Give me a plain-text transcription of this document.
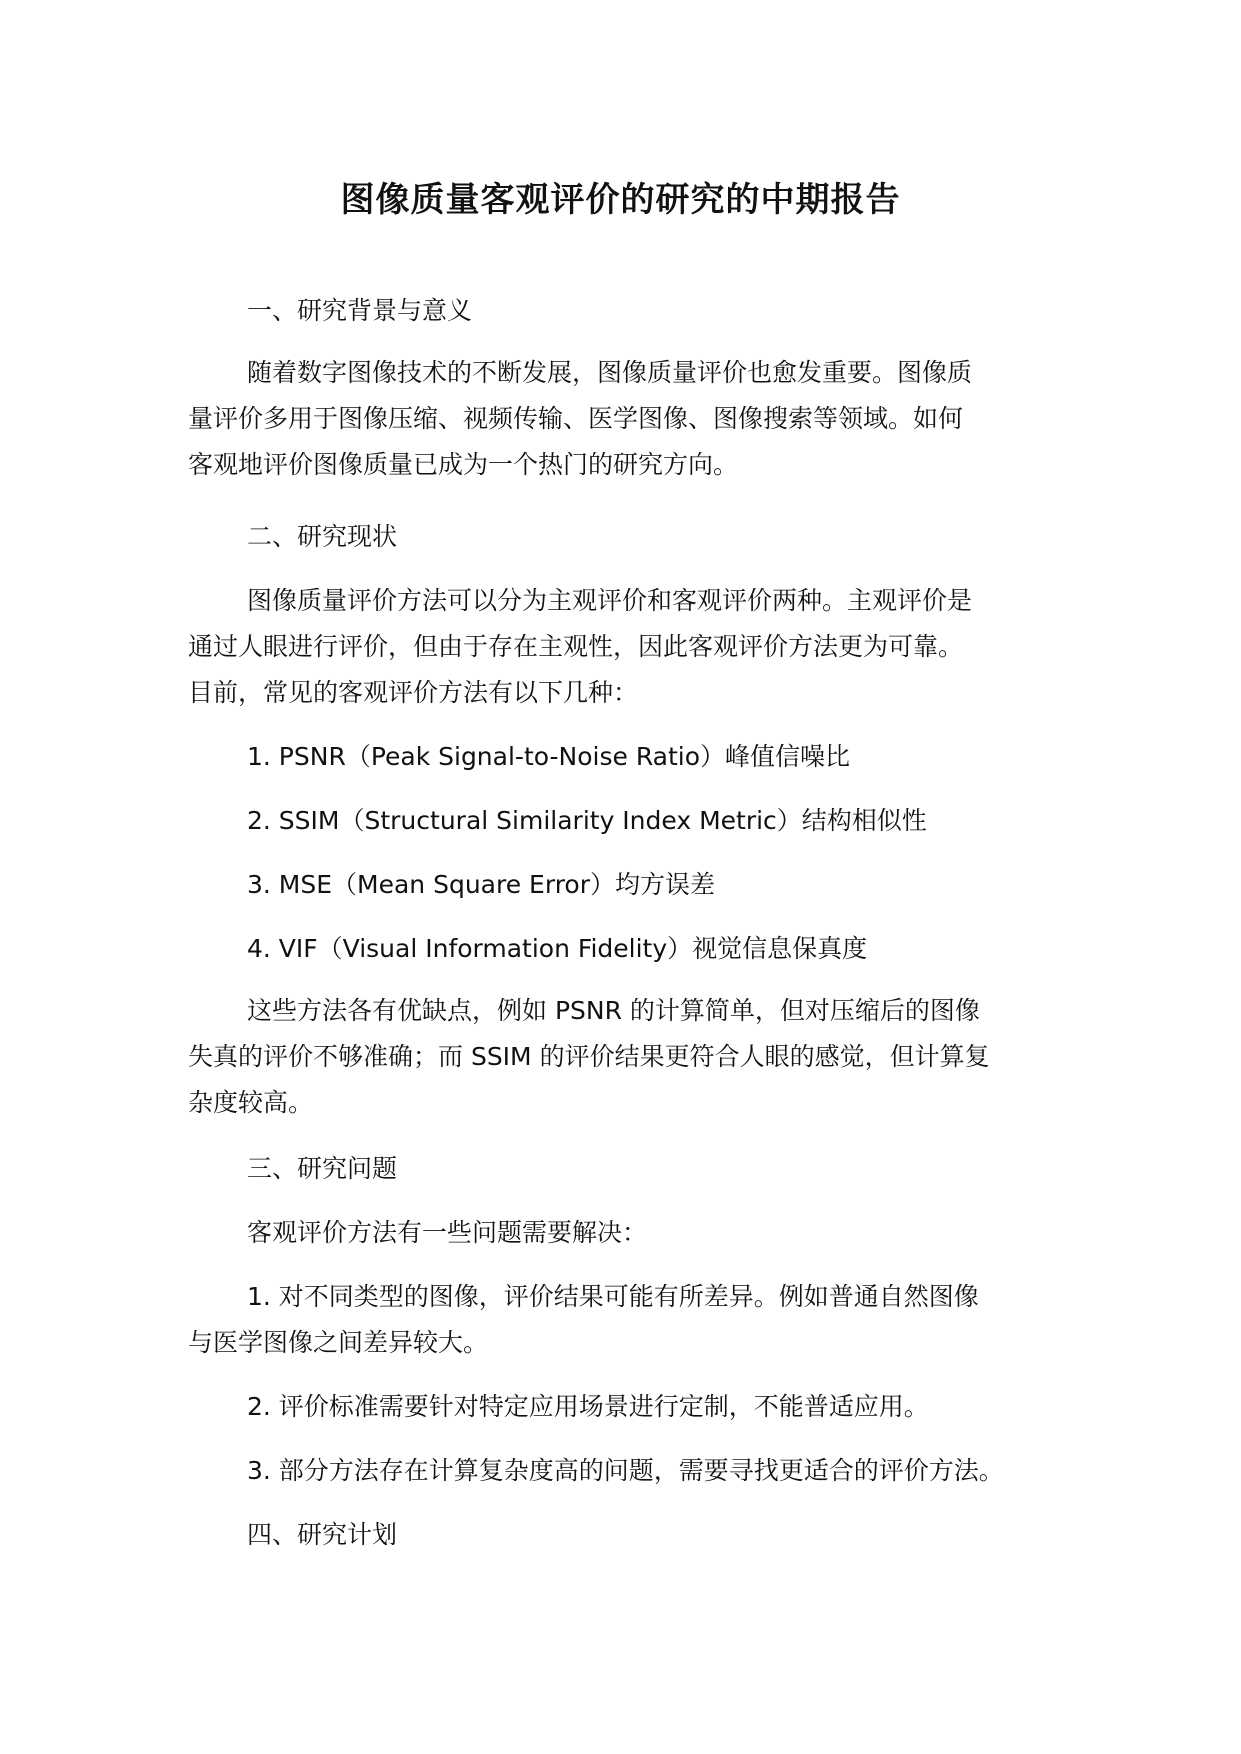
图像质量客观评价的研究的中期报告
一、研究背景与意义
随着数字图像技术的不断发展，图像质量评价也愈发重要。图像质
量评价多用于图像压缩、视频传输、医学图像、图像搜索等领域。如何
客观地评价图像质量已成为一个热门的研究方向。
二、研究现状
图像质量评价方法可以分为主观评价和客观评价两种。主观评价是
通过人眼进行评价，但由于存在主观性，因此客观评价方法更为可靠。
目前，常见的客观评价方法有以下几种：
1. PSNR（Peak Signal-to-Noise Ratio）峰值信噪比
2. SSIM（Structural Similarity Index Metric）结构相似性
3. MSE（Mean Square Error）均方误差
4. VIF（Visual Information Fidelity）视觉信息保真度
这些方法各有优缺点，例如 PSNR 的计算简单，但对压缩后的图像
失真的评价不够准确；而 SSIM 的评价结果更符合人眼的感觉，但计算复
杂度较高。
三、研究问题
客观评价方法有一些问题需要解决：
1. 对不同类型的图像，评价结果可能有所差异。例如普通自然图像
与医学图像之间差异较大。
2. 评价标准需要针对特定应用场景进行定制，不能普适应用。
3. 部分方法存在计算复杂度高的问题，需要寻找更适合的评价方法。
四、研究计划
